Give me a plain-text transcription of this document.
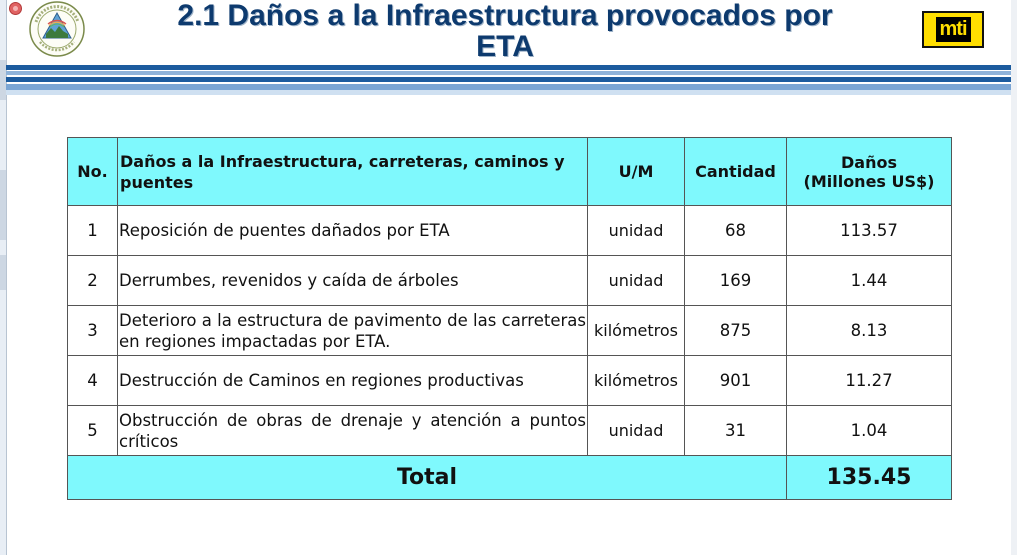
2.1 Daños a la Infraestructura provocados por
ETA
mti
No.	Daños a la Infraestructura, carreteras, caminos y puentes	U/M	Cantidad	Daños
(Millones US$)

1	Reposición de puentes dañados por ETA	unidad	68	113.57
2	Derrumbes, revenidos y caída de árboles	unidad	169	1.44
3	Deterioro a la estructura de pavimento de las carreteras en regiones impactadas por ETA.	kilómetros	875	8.13
4	Destrucción de Caminos en regiones productivas	kilómetros	901	11.27
5	Obstrucción de obras de drenaje y atención a puntos críticos	unidad	31	1.04
Total				135.45
